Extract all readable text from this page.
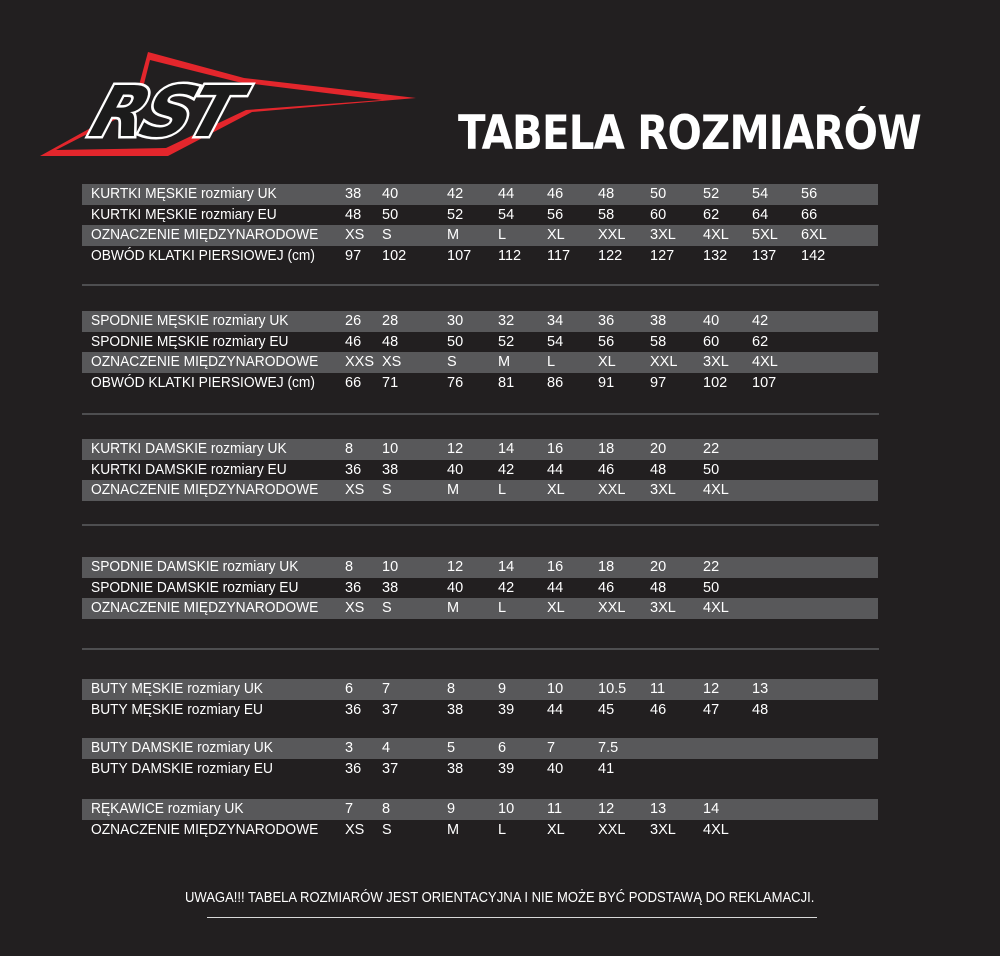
RST	TABELA ROZMIARÓW
KURTKI MĘSKIE rozmiary UK	38 40	42 44 46 48 50	52 54 56
KURTKI MĘSKIE rozmiary EU	48 50	52 54 56 58 60	62 64 66
OZNACZENIE MIĘDZYNARODOWE XS S	M	L	XL XXL 3XL 4XL 5XL 6XL
OBWÓD KLATKI PIERSIOWEJ (cm) 97 102	107 112 117 122 127 132 137 142
SPODNIE MĘSKIE rozmiary UK	26 28	30 32 34 36 38	40 42
SPODNIE MĘSKIE rozmiary EU	46 48	50 52 54 56 58	60 62
OZNACZENIE MIĘDZYNARODOWE XXS XS	S	M	L	XL XXL 3XL 4XL
OBWÓD KLATKI PIERSIOWEJ (cm) 66 71	76 81 86 91 97	102 107
KURTKI DAMSKIE rozmiary UK	8 10	12 14 16 18 20	22
KURTKI DAMSKIE rozmiary EU	36 38	40 42 44 46 48	50
OZNACZENIE MIĘDZYNARODOWE XS S	M	L	XL XXL 3XL 4XL
SPODNIE DAMSKIE rozmiary UK	8 10	12 14 16 18 20	22
SPODNIE DAMSKIE rozmiary EU	36 38	40 42 44 46 48	50
OZNACZENIE MIĘDZYNARODOWE XS S	M	L	XL XXL 3XL 4XL
BUTY MĘSKIE rozmiary UK	6 7	8	9	10 10.5 11	12 13
BUTY MĘSKIE rozmiary EU	36 37	38 39 44 45 46	47 48
BUTY DAMSKIE rozmiary UK	3 4	5	6	7	7.5
BUTY DAMSKIE rozmiary EU	36 37	38 39 40 41
RĘKAWICE rozmiary UK	7 8	9	10 11 12 13	14
OZNACZENIE MIĘDZYNARODOWE XS S	M	L	XL XXL 3XL 4XL
UWAGA!!! TABELA ROZMIARÓW JEST ORIENTACYJNA I NIE MOŻE BYĆ PODSTAWĄ DO REKLAMACJI.
